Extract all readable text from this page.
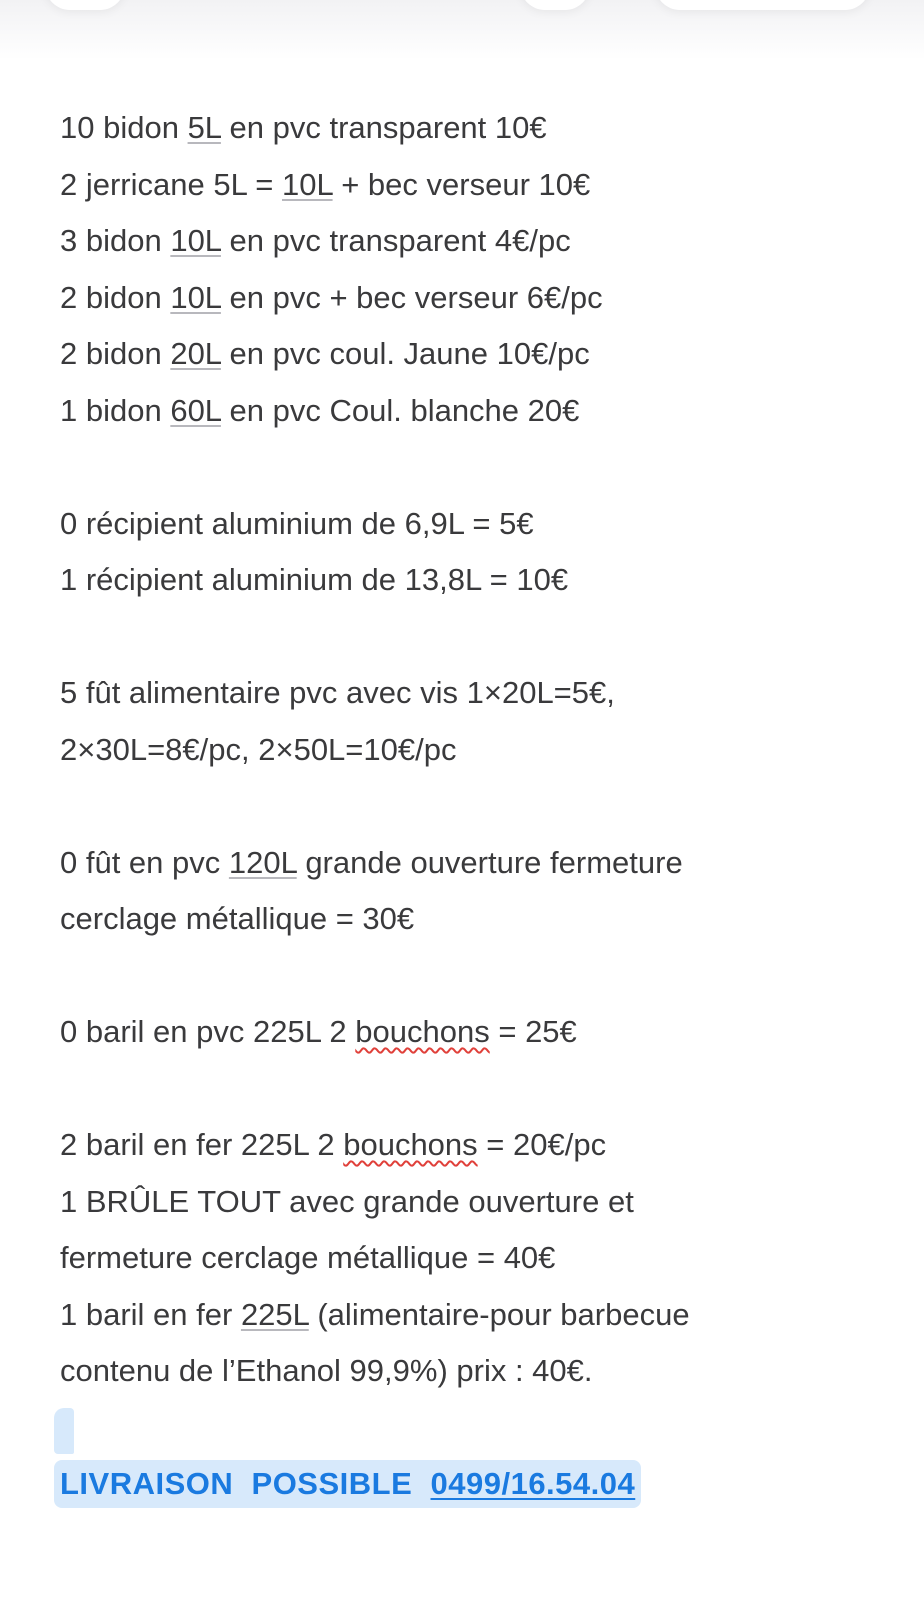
10 bidon 5L en pvc transparent 10€
2 jerricane 5L = 10L + bec verseur 10€
3 bidon 10L en pvc transparent 4€/pc
2 bidon 10L en pvc + bec verseur 6€/pc
2 bidon 20L en pvc coul. Jaune 10€/pc
1 bidon 60L en pvc Coul. blanche 20€
0 récipient aluminium de 6,9L = 5€
1 récipient aluminium de 13,8L = 10€
5 fût alimentaire pvc avec vis 1×20L=5€,
2×30L=8€/pc, 2×50L=10€/pc
0 fût en pvc 120L grande ouverture fermeture
cerclage métallique = 30€
0 baril en pvc 225L 2 bouchons = 25€
2 baril en fer 225L 2 bouchons = 20€/pc
1 BRÛLE TOUT avec grande ouverture et
fermeture cerclage métallique = 40€
1 baril en fer 225L (alimentaire-pour barbecue
contenu de l’Ethanol 99,9%) prix : 40€.
LIVRAISON  POSSIBLE  0499/16.54.04
